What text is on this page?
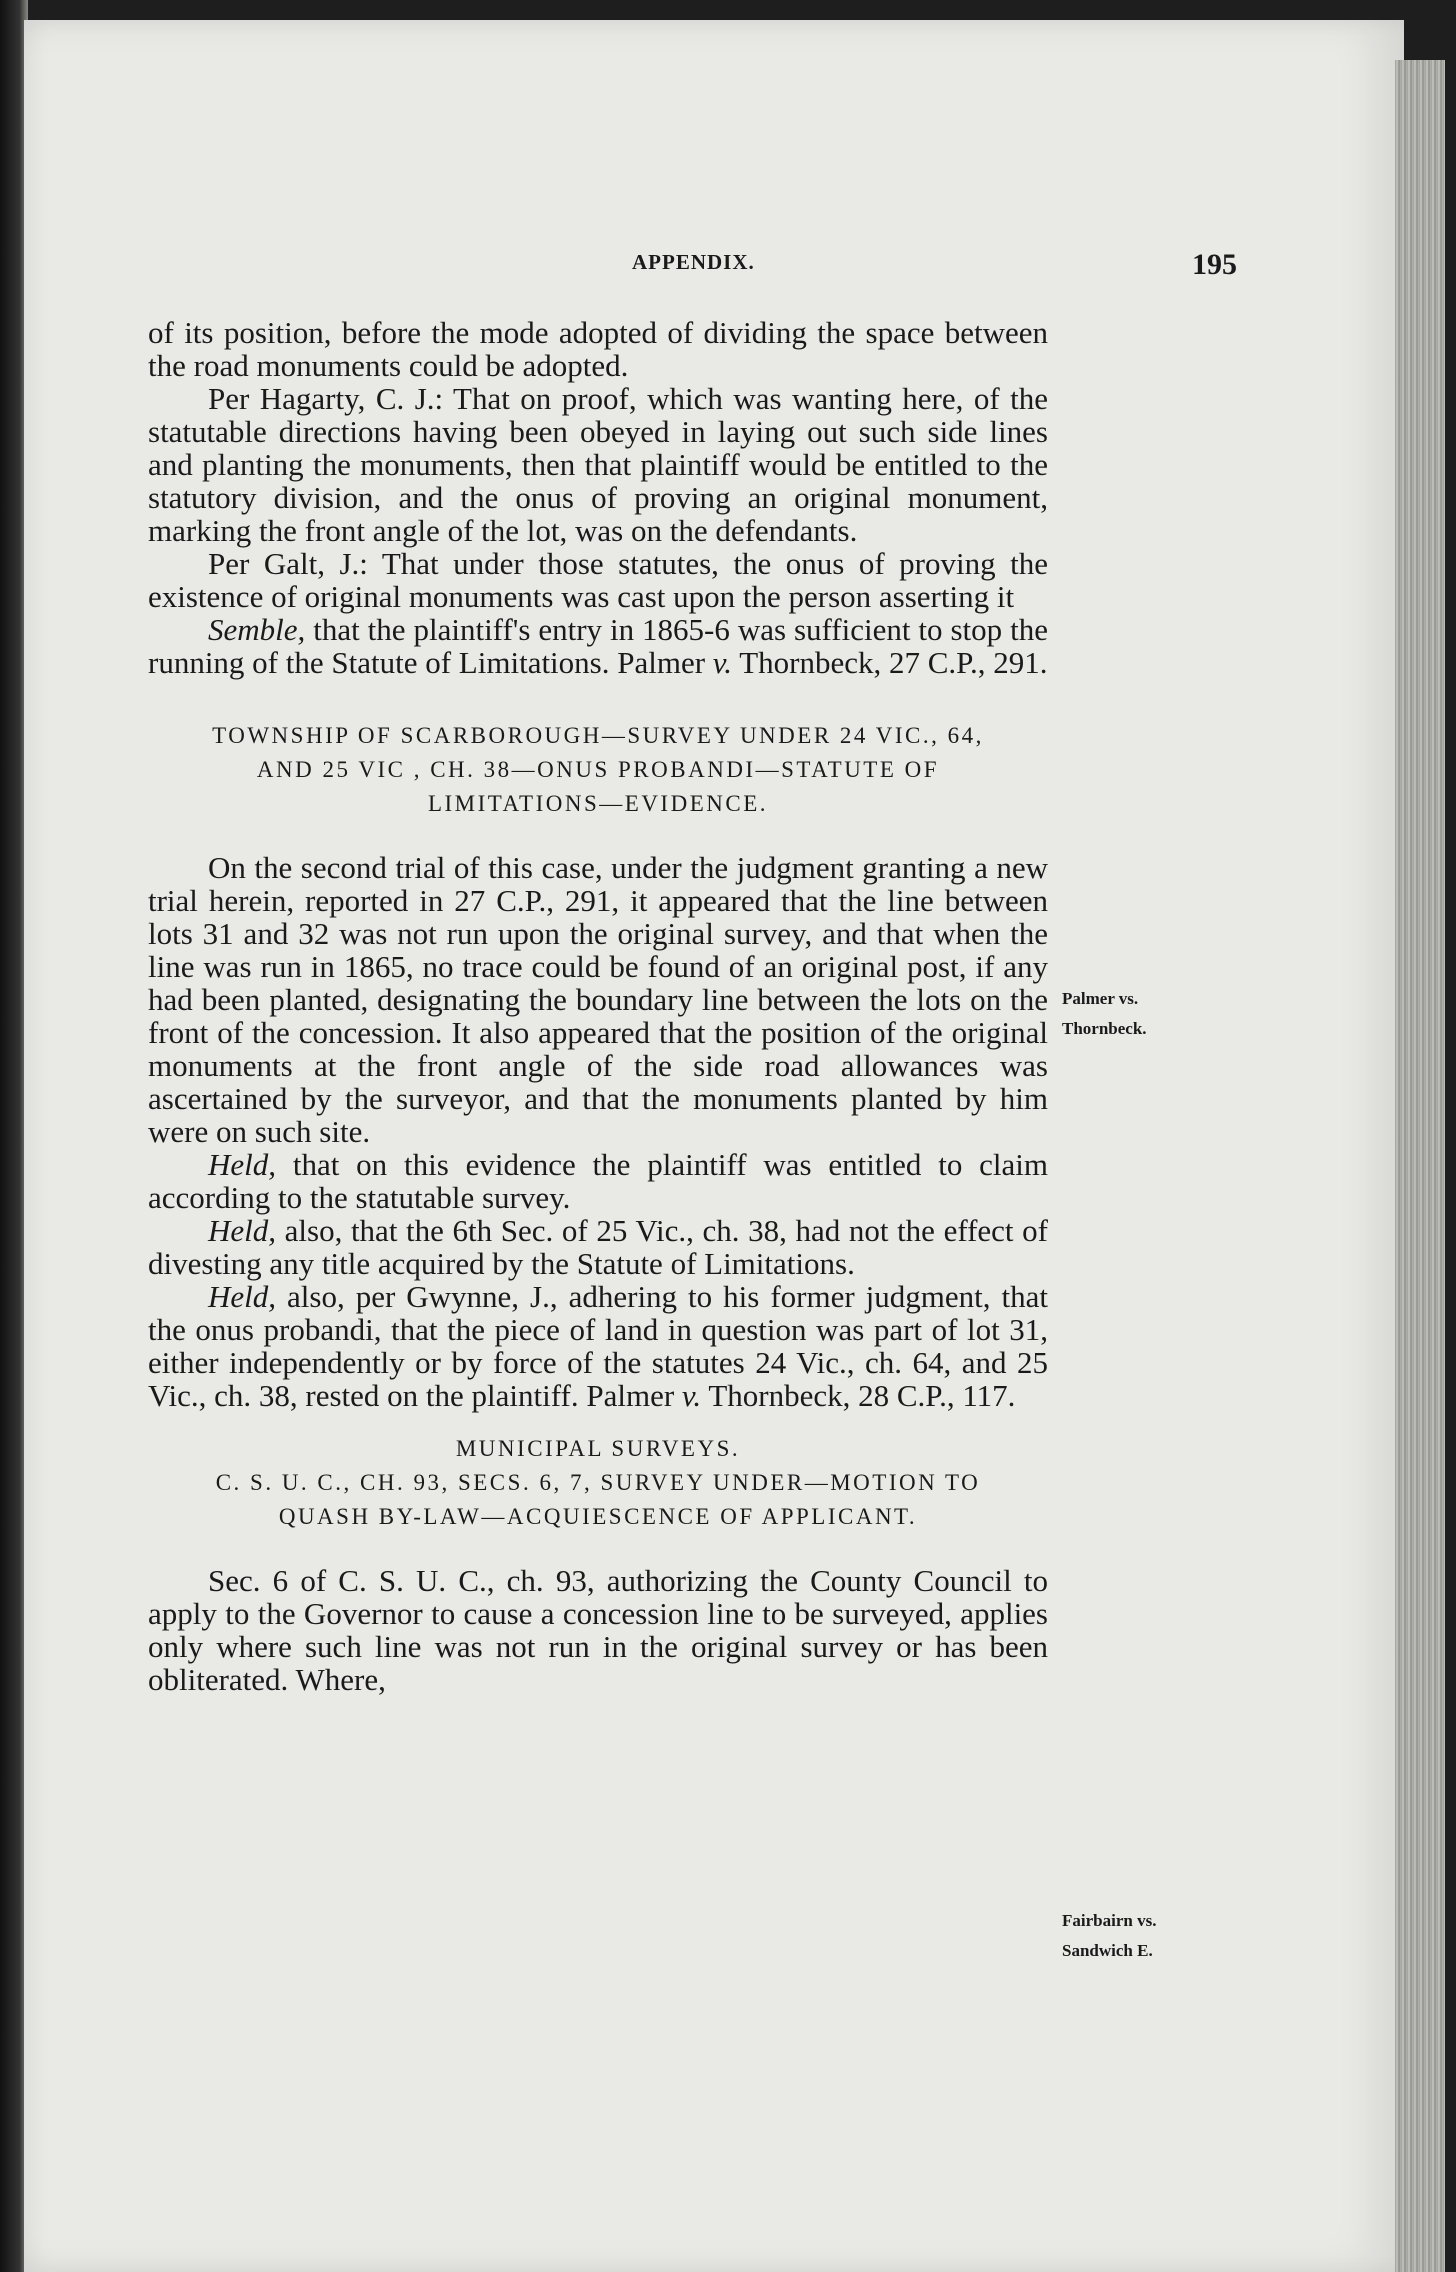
APPENDIX.	195

of its position, before the mode adopted of dividing the space between the road monuments could be adopted.

Per Hagarty, C. J.: That on proof, which was wanting here, of the statutable directions having been obeyed in laying out such side lines and planting the monuments, then that plaintiff would be entitled to the statutory division, and the onus of proving an original monument, marking the front angle of the lot, was on the defendants.

Per Galt, J.: That under those statutes, the onus of proving the existence of original monuments was cast upon the person asserting it

Semble, that the plaintiff's entry in 1865-6 was sufficient to stop the running of the Statute of Limitations. Palmer v. Thornbeck, 27 C.P., 291.

TOWNSHIP OF SCARBOROUGH—SURVEY UNDER 24 VIC., 64,
AND 25 VIC , CH. 38—ONUS PROBANDI—STATUTE OF
LIMITATIONS—EVIDENCE.

On the second trial of this case, under the judgment granting a new trial herein, reported in 27 C.P., 291, it appeared that the line between lots 31 and 32 was not run upon the original survey, and that when the line was run in 1865, no trace could be found of an original post, if any had been planted, designating the boundary line between the lots on the front of the concession. It also appeared that the position of the original monuments at the front angle of the side road allowances was ascertained by the surveyor, and that the monuments planted by him were on such site.

Held, that on this evidence the plaintiff was entitled to claim according to the statutable survey.

Held, also, that the 6th Sec. of 25 Vic., ch. 38, had not the effect of divesting any title acquired by the Statute of Limitations.

Held, also, per Gwynne, J., adhering to his former judgment, that the onus probandi, that the piece of land in question was part of lot 31, either independently or by force of the statutes 24 Vic., ch. 64, and 25 Vic., ch. 38, rested on the plaintiff. Palmer v. Thornbeck, 28 C.P., 117.

MUNICIPAL SURVEYS.
C. S. U. C., CH. 93, SECS. 6, 7, SURVEY UNDER—MOTION TO
QUASH BY-LAW—ACQUIESCENCE OF APPLICANT.

Sec. 6 of C. S. U. C., ch. 93, authorizing the County Council to apply to the Governor to cause a concession line to be surveyed, applies only where such line was not run in the original survey or has been obliterated. Where,

Palmer vs.
Thornbeck.
Fairbairn vs.
Sandwich E.
